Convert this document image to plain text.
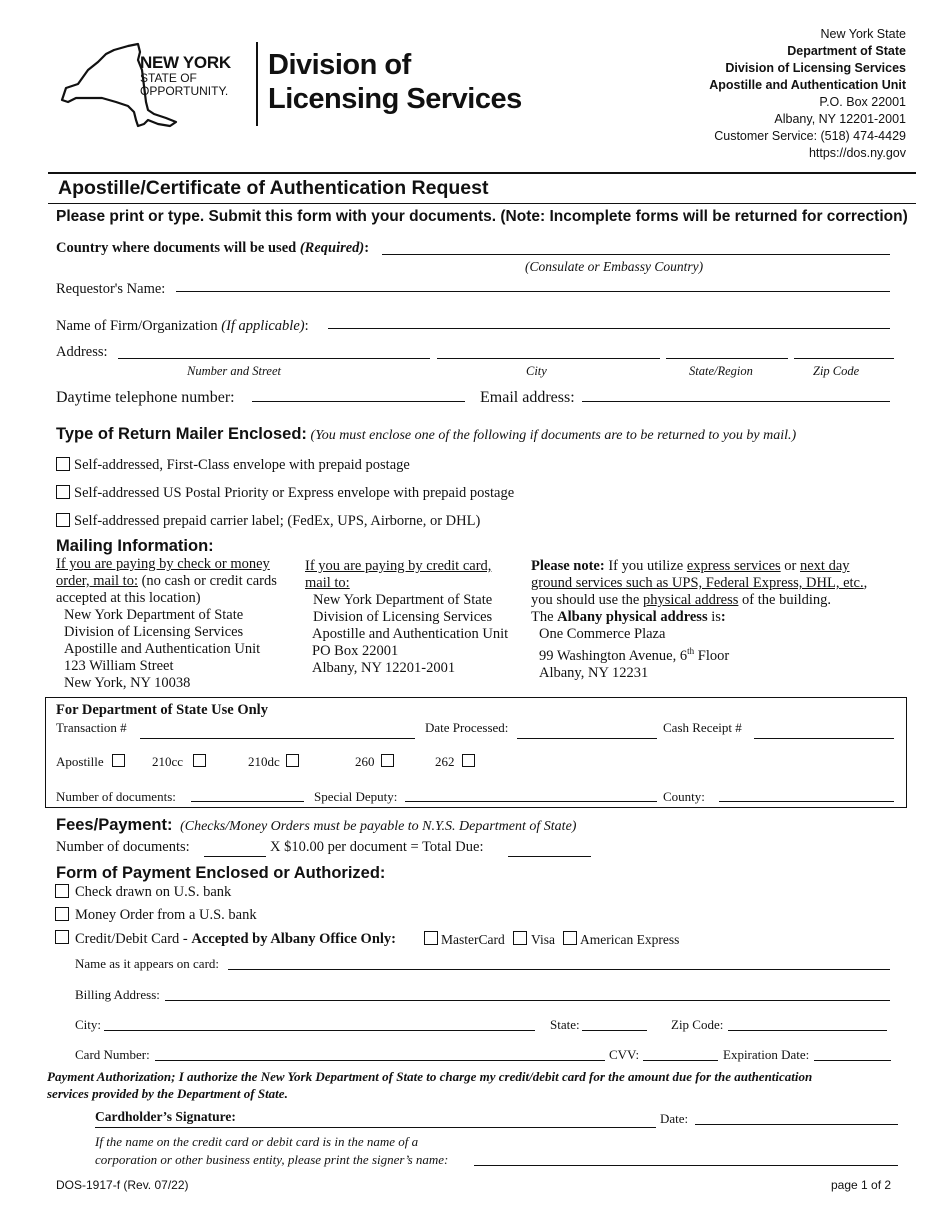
NEW YORK
STATE OF
OPPORTUNITY.
Division of
Licensing Services
New York State
Department of State
Division of Licensing Services
Apostille and Authentication Unit
P.O. Box 22001
Albany, NY 12201-2001
Customer Service: (518) 474-4429
https://dos.ny.gov
Apostille/Certificate of Authentication Request
Please print or type. Submit this form with your documents. (Note: Incomplete forms will be returned for correction)
Country where documents will be used (Required):
(Consulate or Embassy Country)
Requestor's Name:
Name of Firm/Organization (If applicable):
Address:
Number and Street	City	State/Region	Zip Code
Daytime telephone number:	Email address:
Type of Return Mailer Enclosed: (You must enclose one of the following if documents are to be returned to you by mail.)
Self-addressed, First-Class envelope with prepaid postage
Self-addressed US Postal Priority or Express envelope with prepaid postage
Self-addressed prepaid carrier label; (FedEx, UPS, Airborne, or DHL)
Mailing Information:
If you are paying by check or money
order, mail to: (no cash or credit cards
accepted at this location)
New York Department of State
Division of Licensing Services
Apostille and Authentication Unit
123 William Street
New York, NY 10038
If you are paying by credit card,
mail to:
New York Department of State
Division of Licensing Services
Apostille and Authentication Unit
PO Box 22001
Albany, NY 12201-2001
Please note: If you utilize express services or next day
ground services such as UPS, Federal Express, DHL, etc.,
you should use the physical address of the building.
The Albany physical address is:
One Commerce Plaza
99 Washington Avenue, 6th Floor
Albany, NY 12231
For Department of State Use Only
Transaction #	Date Processed:	Cash Receipt #
Apostille	210cc	210dc	260	262
Number of documents:	Special Deputy:	County:
Fees/Payment: (Checks/Money Orders must be payable to N.Y.S. Department of State)
Number of documents:	X $10.00 per document = Total Due:
Form of Payment Enclosed or Authorized:
Check drawn on U.S. bank
Money Order from a U.S. bank
Credit/Debit Card - Accepted by Albany Office Only:	MasterCard Visa American Express
Name as it appears on card:
Billing Address:
City:	State:	Zip Code:
Card Number:	CVV:	Expiration Date:
Payment Authorization; I authorize the New York Department of State to charge my credit/debit card for the amount due for the authentication
services provided by the Department of State.
Cardholder’s Signature:	Date:
If the name on the credit card or debit card is in the name of a
corporation or other business entity, please print the signer’s name:
DOS-1917-f (Rev. 07/22)	page 1 of 2
